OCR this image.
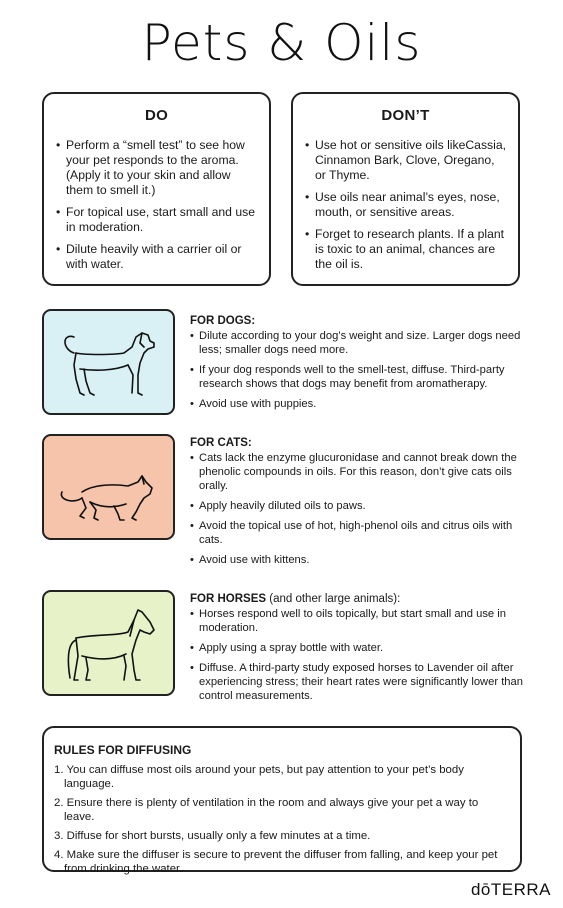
Pets & Oils
DO
• Perform a “smell test” to see how your pet responds to the aroma. (Apply it to your skin and allow them to smell it.)
• For topical use, start small and use in moderation.
• Dilute heavily with a carrier oil or with water.
DON’T
• Use hot or sensitive oils likeCassia, Cinnamon Bark, Clove, Oregano, or Thyme.
• Use oils near animal’s eyes, nose, mouth, or sensitive areas.
• Forget to research plants. If a plant is toxic to an animal, chances are the oil is.
FOR DOGS:
• Dilute according to your dog’s weight and size. Larger dogs need less; smaller dogs need more.
• If your dog responds well to the smell-test, diffuse. Third-party research shows that dogs may benefit from aromatherapy.
• Avoid use with puppies.
FOR CATS:
• Cats lack the enzyme glucuronidase and cannot break down the phenolic compounds in oils. For this reason, don’t give cats oils orally.
• Apply heavily diluted oils to paws.
• Avoid the topical use of hot, high-phenol oils and citrus oils with cats.
• Avoid use with kittens.
FOR HORSES (and other large animals):
• Horses respond well to oils topically, but start small and use in moderation.
• Apply using a spray bottle with water.
• Diffuse. A third-party study exposed horses to Lavender oil after experiencing stress; their heart rates were significantly lower than control measurements.
RULES FOR DIFFUSING
1. You can diffuse most oils around your pets, but pay attention to your pet’s body language.
2. Ensure there is plenty of ventilation in the room and always give your pet a way to leave.
3. Diffuse for short bursts, usually only a few minutes at a time.
4. Make sure the diffuser is secure to prevent the diffuser from falling, and keep your pet from drinking the water.
dōTERRA
